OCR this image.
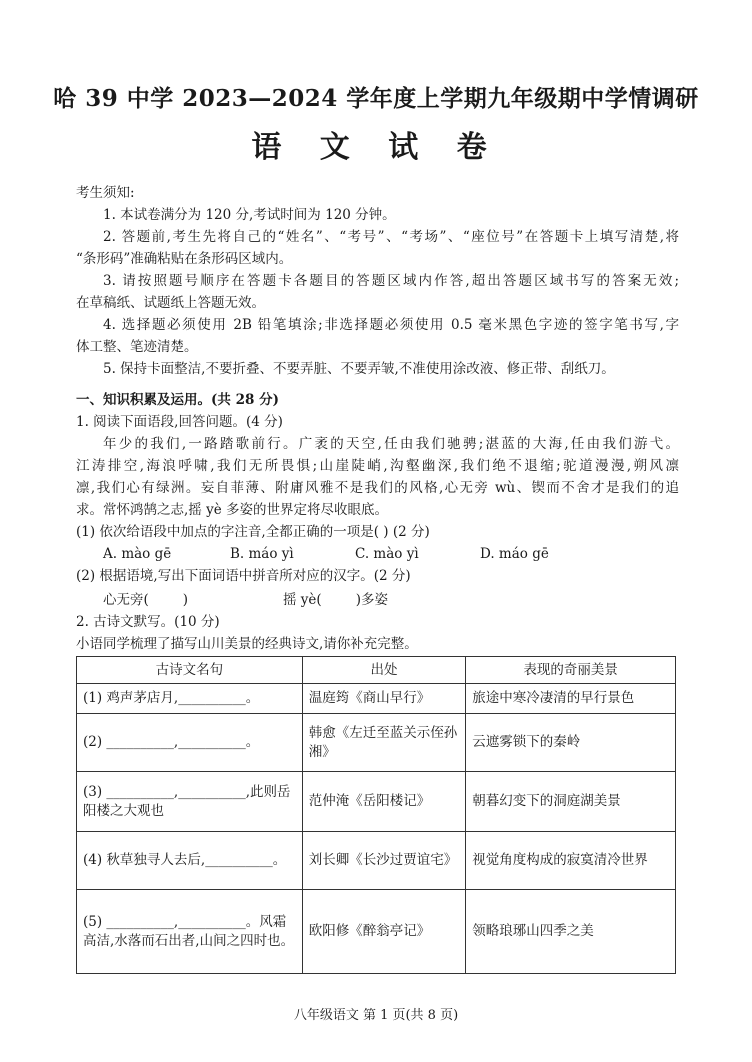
哈 39 中学 2023—2024 学年度上学期九年级期中学情调研
语 文 试 卷
考生须知:
1. 本试卷满分为 120 分,考试时间为 120 分钟。
2. 答题前,考生先将自己的“姓名”、“考号”、“考场”、“座位号”在答题卡上填写清楚,将
“条形码”准确粘贴在条形码区域内。
3. 请按照题号顺序在答题卡各题目的答题区域内作答,超出答题区域书写的答案无效;
在草稿纸、试题纸上答题无效。
4. 选择题必须使用 2B 铅笔填涂;非选择题必须使用 0.5 毫米黑色字迹的签字笔书写,字
体工整、笔迹清楚。
5. 保持卡面整洁,不要折叠、不要弄脏、不要弄皱,不准使用涂改液、修正带、刮纸刀。
一、知识积累及运用。(共 28 分)
1. 阅读下面语段,回答问题。(4 分)
年少的我们,一路踏歌前行。广袤的天空,任由我们驰骋;湛蓝的大海,任由我们游弋。
江涛排空,海浪呼啸,我们无所畏惧;山崖陡峭,沟壑幽深,我们绝不退缩;驼道漫漫,朔风凛
凛,我们心有绿洲。妄自菲薄、附庸风雅不是我们的风格,心无旁 wù、锲而不舍才是我们的追
求。常怀鸿鹄之志,摇 yè 多姿的世界定将尽收眼底。
(1) 依次给语段中加点的字注音,全都正确的一项是( ) (2 分)
A. mào gē	B. máo yì	C. mào yì	D. máo gē
(2) 根据语境,写出下面词语中拼音所对应的汉字。(2 分)
心无旁(	)	摇 yè(	)多姿
2. 古诗文默写。(10 分)
小语同学梳理了描写山川美景的经典诗文,请你补充完整。
古诗文名句	出处	表现的奇丽美景
(1) 鸡声茅店月,__________。	温庭筠《商山早行》	旅途中寒冷凄清的早行景色
(2) __________,__________。	韩愈《左迁至蓝关示侄孙湘》	云遮雾锁下的秦岭
(3) __________,__________,此则岳阳楼之大观也	范仲淹《岳阳楼记》	朝暮幻变下的洞庭湖美景
(4) 秋草独寻人去后,__________。	刘长卿《长沙过贾谊宅》	视觉角度构成的寂寞清冷世界
(5) __________,__________。风霜高洁,水落而石出者,山间之四时也。	欧阳修《醉翁亭记》	领略琅琊山四季之美
八年级语文 第 1 页(共 8 页)
